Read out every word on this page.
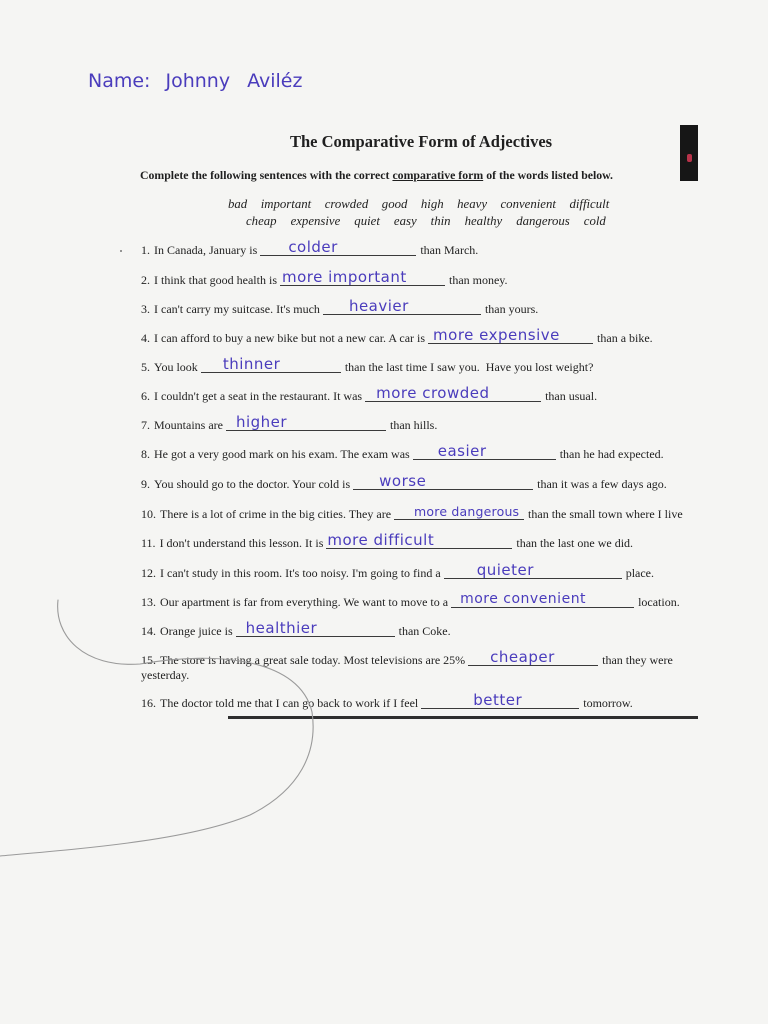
Name: Johnny Aviléz
The Comparative Form of Adjectives
Complete the following sentences with the correct comparative form of the words listed below.
bad important crowded good high heavy convenient difficult
cheap expensive quiet easy thin healthy dangerous cold
1. In Canada, January is colder	than March.
2. I think that good health is more important	than money.
3. I can't carry my suitcase. It's much heavier	than yours.
4. I can afford to buy a new bike but not a new car. A car is more expensive	than a bike.
5. You look thinner	than the last time I saw you.  Have you lost weight?
6. I couldn't get a seat in the restaurant. It was more crowded	than usual.
7. Mountains are higher	than hills.
8. He got a very good mark on his exam. The exam was easier	than he had expected.
9. You should go to the doctor. Your cold is worse	than it was a few days ago.
10. There is a lot of crime in the big cities. They are more dangerous than the small town where I live
11. I don't understand this lesson. It is more difficult	than the last one we did.
12. I can't study in this room. It's too noisy. I'm going to find a quieter	place.
13. Our apartment is far from everything. We want to move to a more convenient	location.
14. Orange juice is healthier	than Coke.
15. The store is having a great sale today. Most televisions are 25% cheaper	than they were
yesterday.
16. The doctor told me that I can go back to work if I feel	better	tomorrow.
